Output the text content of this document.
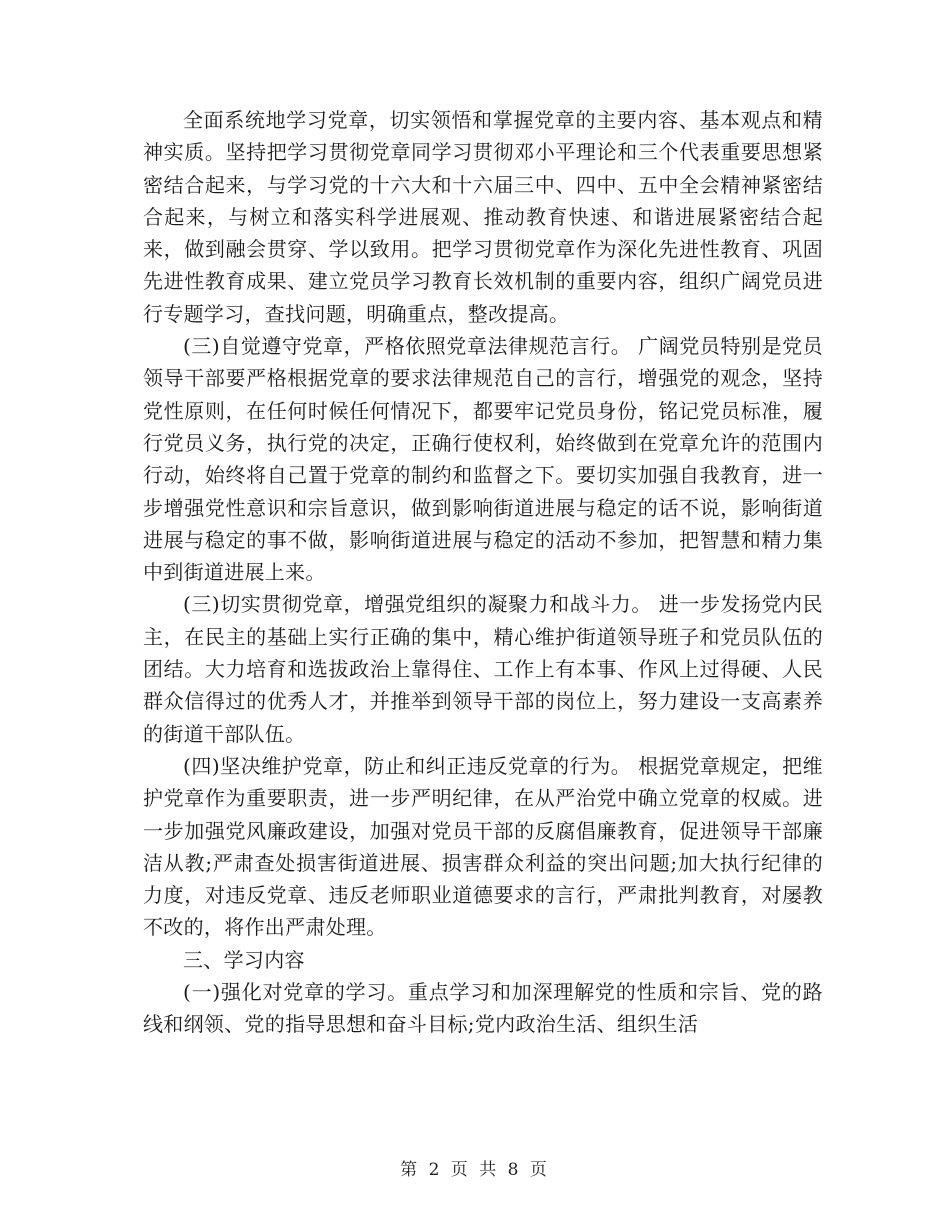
全面系统地学习党章，切实领悟和掌握党章的主要内容、基本观点和精神实质。坚持把学习贯彻党章同学习贯彻邓小平理论和三个代表重要思想紧密结合起来，与学习党的十六大和十六届三中、四中、五中全会精神紧密结合起来，与树立和落实科学进展观、推动教育快速、和谐进展紧密结合起来，做到融会贯穿、学以致用。把学习贯彻党章作为深化先进性教育、巩固先进性教育成果、建立党员学习教育长效机制的重要内容，组织广阔党员进行专题学习，查找问题，明确重点，整改提高。

(三)自觉遵守党章，严格依照党章法律规范言行。 广阔党员特别是党员领导干部要严格根据党章的要求法律规范自己的言行，增强党的观念，坚持党性原则，在任何时候任何情况下，都要牢记党员身份，铭记党员标准，履行党员义务，执行党的决定，正确行使权利，始终做到在党章允许的范围内行动，始终将自己置于党章的制约和监督之下。要切实加强自我教育，进一步增强党性意识和宗旨意识，做到影响街道进展与稳定的话不说，影响街道进展与稳定的事不做，影响街道进展与稳定的活动不参加，把智慧和精力集中到街道进展上来。

(三)切实贯彻党章，增强党组织的凝聚力和战斗力。 进一步发扬党内民主，在民主的基础上实行正确的集中，精心维护街道领导班子和党员队伍的团结。大力培育和选拔政治上靠得住、工作上有本事、作风上过得硬、人民群众信得过的优秀人才，并推举到领导干部的岗位上，努力建设一支高素养的街道干部队伍。

(四)坚决维护党章，防止和纠正违反党章的行为。 根据党章规定，把维护党章作为重要职责，进一步严明纪律，在从严治党中确立党章的权威。进一步加强党风廉政建设，加强对党员干部的反腐倡廉教育，促进领导干部廉洁从教;严肃查处损害街道进展、损害群众利益的突出问题;加大执行纪律的力度，对违反党章、违反老师职业道德要求的言行，严肃批判教育，对屡教不改的，将作出严肃处理。

三、学习内容

(一)强化对党章的学习。重点学习和加深理解党的性质和宗旨、党的路线和纲领、党的指导思想和奋斗目标;党内政治生活、组织生活

第 2 页 共 8 页
